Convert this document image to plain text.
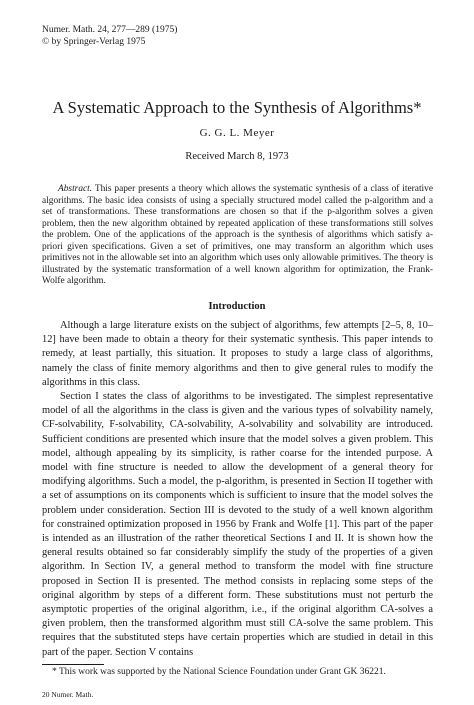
Numer. Math. 24, 277—289 (1975)
© by Springer-Verlag 1975
A Systematic Approach to the Synthesis of Algorithms*
G. G. L. Meyer
Received March 8, 1973

Abstract. This paper presents a theory which allows the systematic synthesis of a class of iterative algorithms. The basic idea consists of using a specially structured model called the p-algorithm and a set of transformations. These transformations are chosen so that if the p-algorithm solves a given problem, then the new algorithm obtained by repeated application of these transformations still solves the problem. One of the applications of the approach is the synthesis of algorithms which satisfy a-priori given specifications. Given a set of primitives, one may transform an algorithm which uses primitives not in the allowable set into an algorithm which uses only allowable primitives. The theory is illustrated by the systematic transformation of a well known algorithm for optimization, the Frank-Wolfe algorithm.

Introduction

Although a large literature exists on the subject of algorithms, few attempts [2–5, 8, 10–12] have been made to obtain a theory for their systematic synthesis. This paper intends to remedy, at least partially, this situation. It proposes to study a large class of algorithms, namely the class of finite memory algorithms and then to give general rules to modify the algorithms in this class.

Section I states the class of algorithms to be investigated. The simplest representative model of all the algorithms in the class is given and the various types of solvability namely, CF-solvability, F-solvability, CA-solvability, A-solvability and solvability are introduced. Sufficient conditions are presented which insure that the model solves a given problem. This model, although appealing by its simplicity, is rather coarse for the intended purpose. A model with fine structure is needed to allow the development of a general theory for modifying algorithms. Such a model, the p-algorithm, is presented in Section II together with a set of assumptions on its components which is sufficient to insure that the model solves the problem under consideration. Section III is devoted to the study of a well known algorithm for constrained optimization proposed in 1956 by Frank and Wolfe [1]. This part of the paper is intended as an illustration of the rather theoretical Sections I and II. It is shown how the general results obtained so far considerably simplify the study of the properties of a given algorithm. In Section IV, a general method to transform the model with fine structure proposed in Section II is presented. The method consists in replacing some steps of the original algorithm by steps of a different form. These substitutions must not perturb the asymptotic properties of the original algorithm, i.e., if the original algorithm CA-solves a given problem, then the transformed algorithm must still CA-solve the same problem. This requires that the substituted steps have certain properties which are studied in detail in this part of the paper. Section V contains

* This work was supported by the National Science Foundation under Grant GK 36221.
20 Numer. Math.
